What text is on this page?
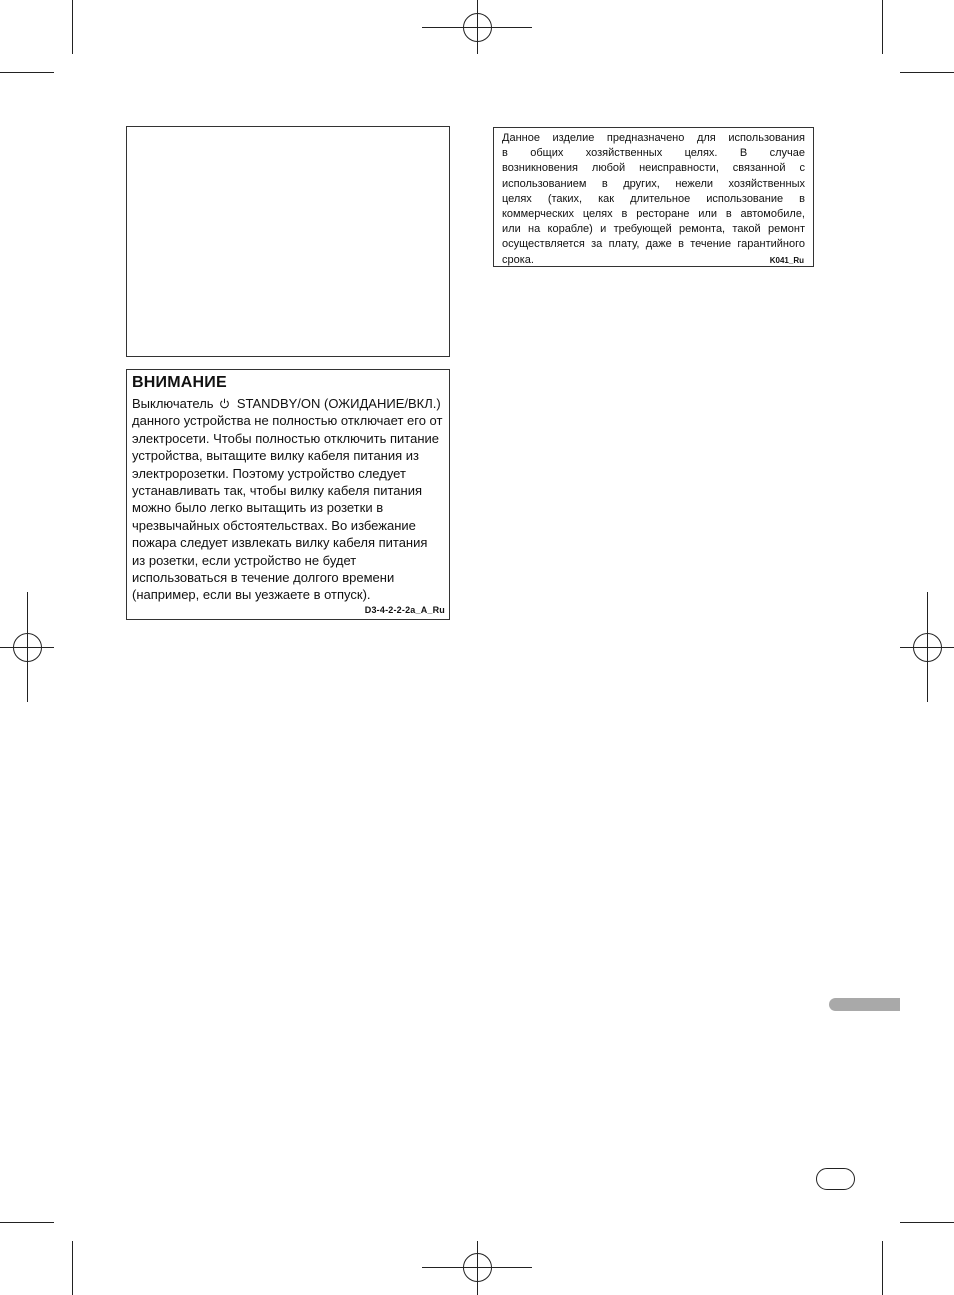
ВНИМАНИЕ
Выключатель STANDBY/ON (ОЖИДАНИЕ/ВКЛ.)
данного устройства не полностью отключает его от
электросети. Чтобы полностью отключить питание
устройства, вытащите вилку кабеля питания из
электророзетки. Поэтому устройство следует
устанавливать так, чтобы вилку кабеля питания
можно было легко вытащить из розетки в
чрезвычайных обстоятельствах. Во избежание
пожара следует извлекать вилку кабеля питания
из розетки, если устройство не будет
использоваться в течение долгого времени
(например, если вы уезжаете в отпуск).
D3-4-2-2-2a_A_Ru
Данное изделие предназначено для использования
в общих хозяйственных целях. В случае
возникновения любой неисправности, связанной с
использованием в других, нежели хозяйственных
целях (таких, как длительное использование в
коммерческих целях в ресторане или в автомобиле,
или на корабле) и требующей ремонта, такой ремонт
осуществляется за плату, даже в течение гарантийного
срока.	K041_Ru
